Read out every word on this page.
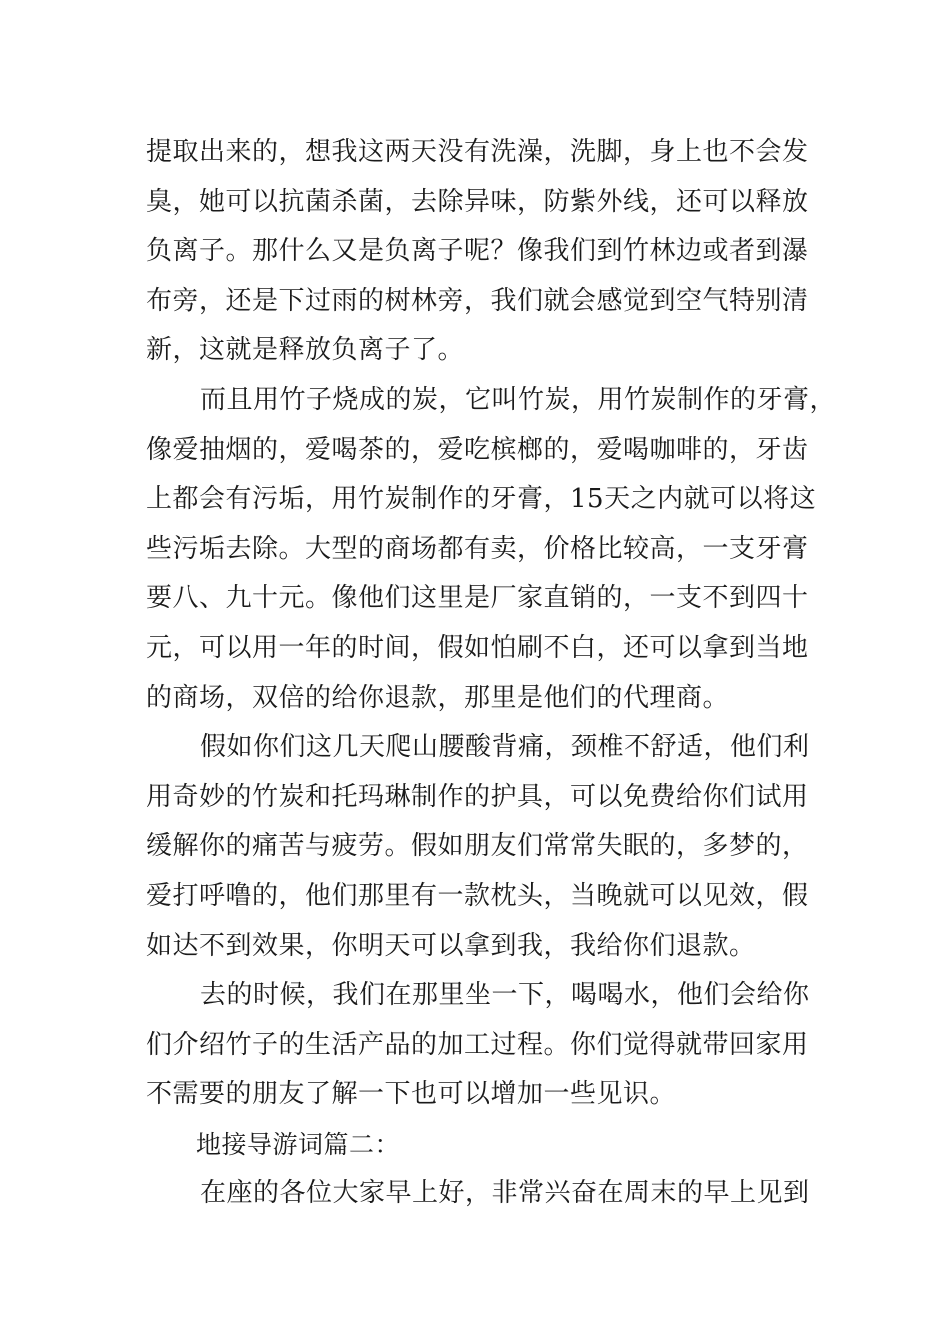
提取出来的，想我这两天没有洗澡，洗脚，身上也不会发
臭，她可以抗菌杀菌，去除异味，防紫外线，还可以释放
负离子。那什么又是负离子呢？像我们到竹林边或者到瀑
布旁，还是下过雨的树林旁，我们就会感觉到空气特别清
新，这就是释放负离子了。
而且用竹子烧成的炭，它叫竹炭，用竹炭制作的牙膏，
像爱抽烟的，爱喝茶的，爱吃槟榔的，爱喝咖啡的，牙齿
上都会有污垢，用竹炭制作的牙膏，15天之内就可以将这
些污垢去除。大型的商场都有卖，价格比较高，一支牙膏
要八、九十元。像他们这里是厂家直销的，一支不到四十
元，可以用一年的时间，假如怕刷不白，还可以拿到当地
的商场，双倍的给你退款，那里是他们的代理商。
假如你们这几天爬山腰酸背痛，颈椎不舒适，他们利
用奇妙的竹炭和托玛琳制作的护具，可以免费给你们试用
缓解你的痛苦与疲劳。假如朋友们常常失眠的，多梦的，
爱打呼噜的，他们那里有一款枕头，当晚就可以见效，假
如达不到效果，你明天可以拿到我，我给你们退款。
去的时候，我们在那里坐一下，喝喝水，他们会给你
们介绍竹子的生活产品的加工过程。你们觉得就带回家用
不需要的朋友了解一下也可以增加一些见识。
地接导游词篇二：
在座的各位大家早上好，非常兴奋在周末的早上见到
